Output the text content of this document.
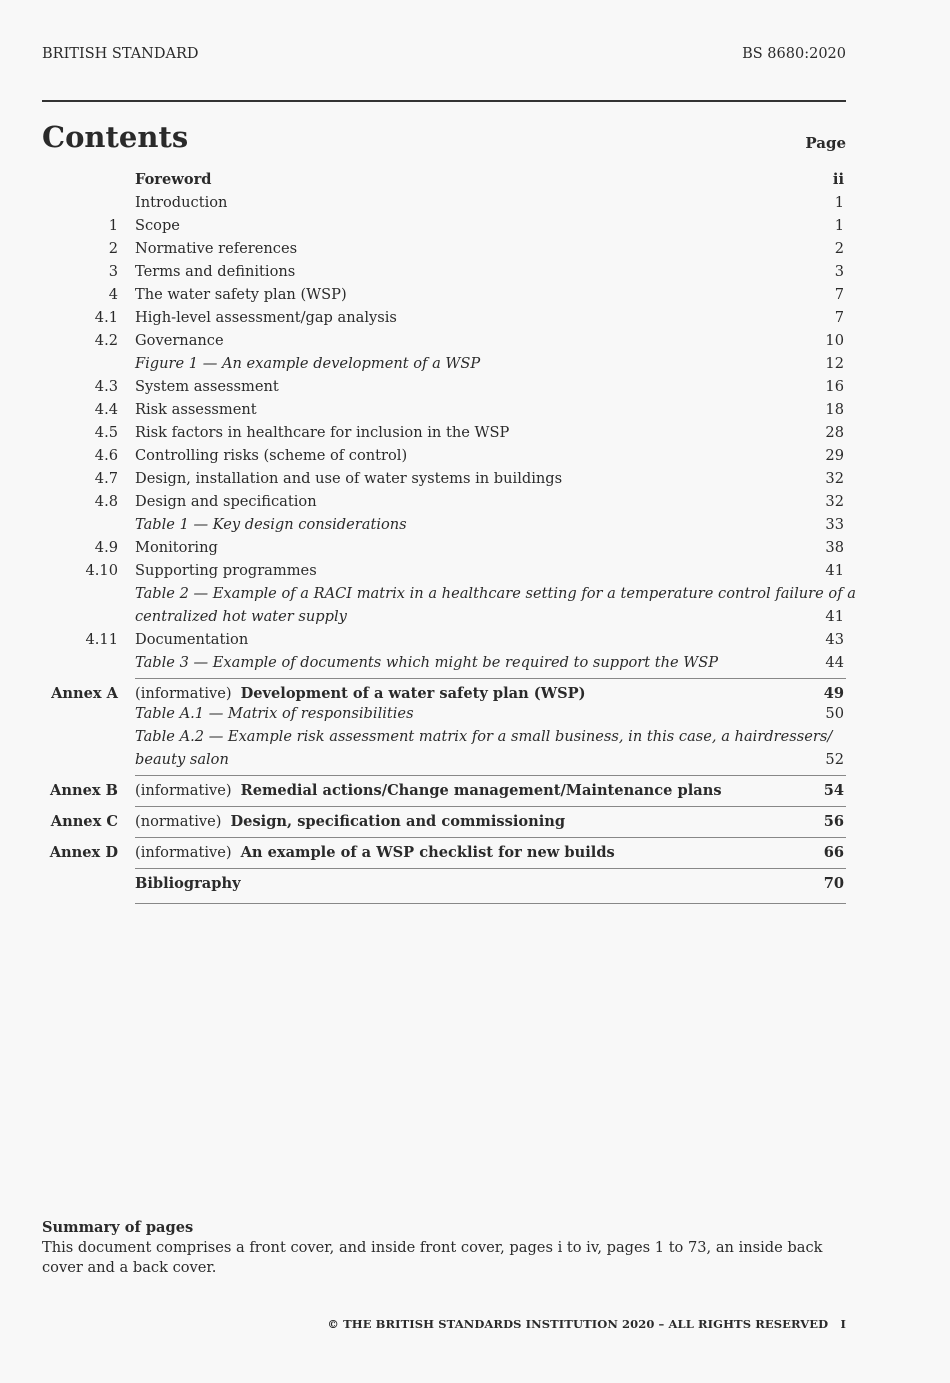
BRITISH STANDARD	BS 8680:2020
Contents	Page
Foreword	ii
Introduction	1
1 Scope	1
2 Normative references	2
3 Terms and definitions	3
4 The water safety plan (WSP)	7
4.1 High-level assessment/gap analysis	7
4.2 Governance	10
Figure 1 — An example development of a WSP	12
4.3 System assessment	16
4.4 Risk assessment	18
4.5 Risk factors in healthcare for inclusion in the WSP	28
4.6 Controlling risks (scheme of control)	29
4.7 Design, installation and use of water systems in buildings	32
4.8 Design and specification	32
Table 1 — Key design considerations	33
4.9 Monitoring	38
4.10 Supporting programmes	41
Table 2 — Example of a RACI matrix in a healthcare setting for a temperature control failure of a
centralized hot water supply	41
4.11 Documentation	43
Table 3 — Example of documents which might be required to support the WSP	44
Annex A (informative) Development of a water safety plan (WSP)	49
Table A.1 — Matrix of responsibilities	50
Table A.2 — Example risk assessment matrix for a small business, in this case, a hairdressers/
beauty salon	52
Annex B (informative) Remedial actions/Change management/Maintenance plans	54
Annex C (normative) Design, specification and commissioning	56
Annex D (informative) An example of a WSP checklist for new builds	66
Bibliography	70
Summary of pages
This document comprises a front cover, and inside front cover, pages i to iv, pages 1 to 73, an inside back cover and a back cover.
© THE BRITISH STANDARDS INSTITUTION 2020 – ALL RIGHTS RESERVED   I
